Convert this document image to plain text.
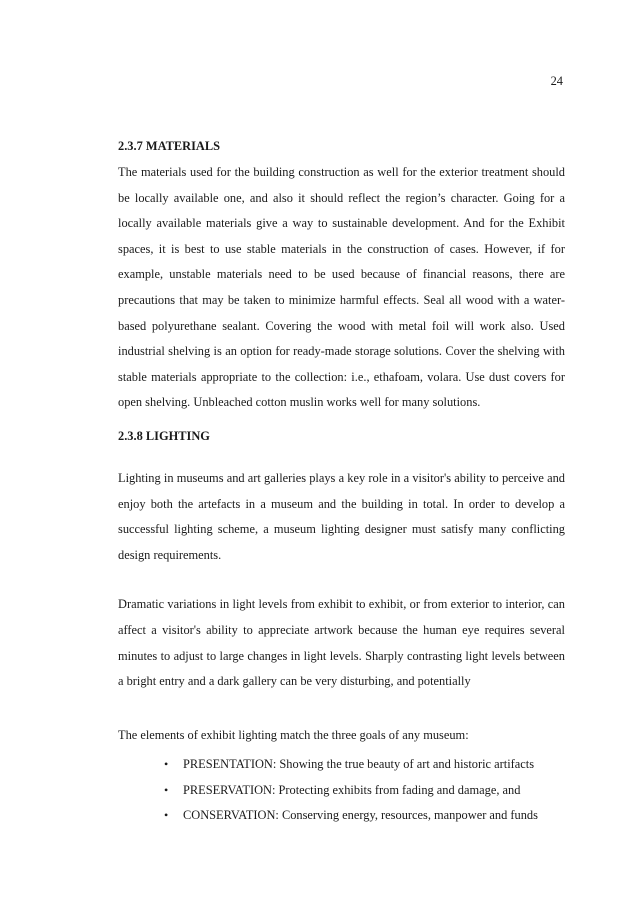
24
2.3.7 MATERIALS

The materials used for the building construction as well for the exterior treatment should be locally available one, and also it should reflect the region’s character. Going for a locally available materials give a way to sustainable development. And for the Exhibit spaces, it is best to use stable materials in the construction of cases. However, if for example, unstable materials need to be used because of financial reasons, there are precautions that may be taken to minimize harmful effects. Seal all wood with a water-based polyurethane sealant. Covering the wood with metal foil will work also. Used industrial shelving is an option for ready-made storage solutions. Cover the shelving with stable materials appropriate to the collection: i.e., ethafoam, volara. Use dust covers for open shelving. Unbleached cotton muslin works well for many solutions.

2.3.8 LIGHTING

Lighting in museums and art galleries plays a key role in a visitor's ability to perceive and enjoy both the artefacts in a museum and the building in total. In order to develop a successful lighting scheme, a museum lighting designer must satisfy many conflicting design requirements.

Dramatic variations in light levels from exhibit to exhibit, or from exterior to interior, can affect a visitor's ability to appreciate artwork because the human eye requires several minutes to adjust to large changes in light levels. Sharply contrasting light levels between a bright entry and a dark gallery can be very disturbing, and potentially

The elements of exhibit lighting match the three goals of any museum:

• PRESENTATION: Showing the true beauty of art and historic artifacts
• PRESERVATION: Protecting exhibits from fading and damage, and
• CONSERVATION: Conserving energy, resources, manpower and funds
